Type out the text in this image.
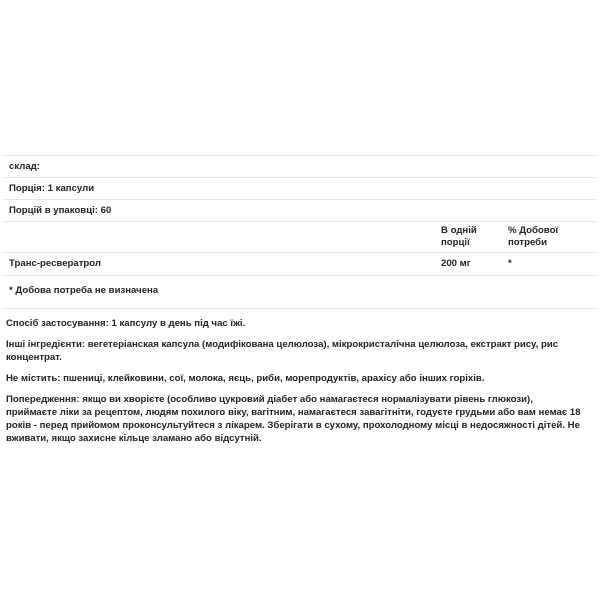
склад:
Порція: 1 капсули
Порцій в упаковці: 60
В одній
порції
% Добової
потреби
Транс-ресвератрол	200 мг	*
* Добова потреба не визначена
Спосіб застосування: 1 капсулу в день під час їжі.
Інші інгредієнти: вегетеріанская капсула (модифікована целюлоза), мікрокристалічна целюлоза, екстракт рису, рис концентрат.
Не містить: пшениці, клейковини, сої, молока, яєць, риби, морепродуктів, арахісу або інших горіхів.
Попередження: якщо ви хворієте (особливо цукровий діабет або намагаєтеся нормалізувати рівень глюкози), приймаєте ліки за рецептом, людям похилого віку, вагітним, намагаєтеся завагітніти, годуєте грудьми або вам немає 18 років - перед прийомом проконсультуйтеся з лікарем. Зберігати в сухому, прохолодному місці в недосяжності дітей. Не вживати, якщо захисне кільце зламано або відсутній.
